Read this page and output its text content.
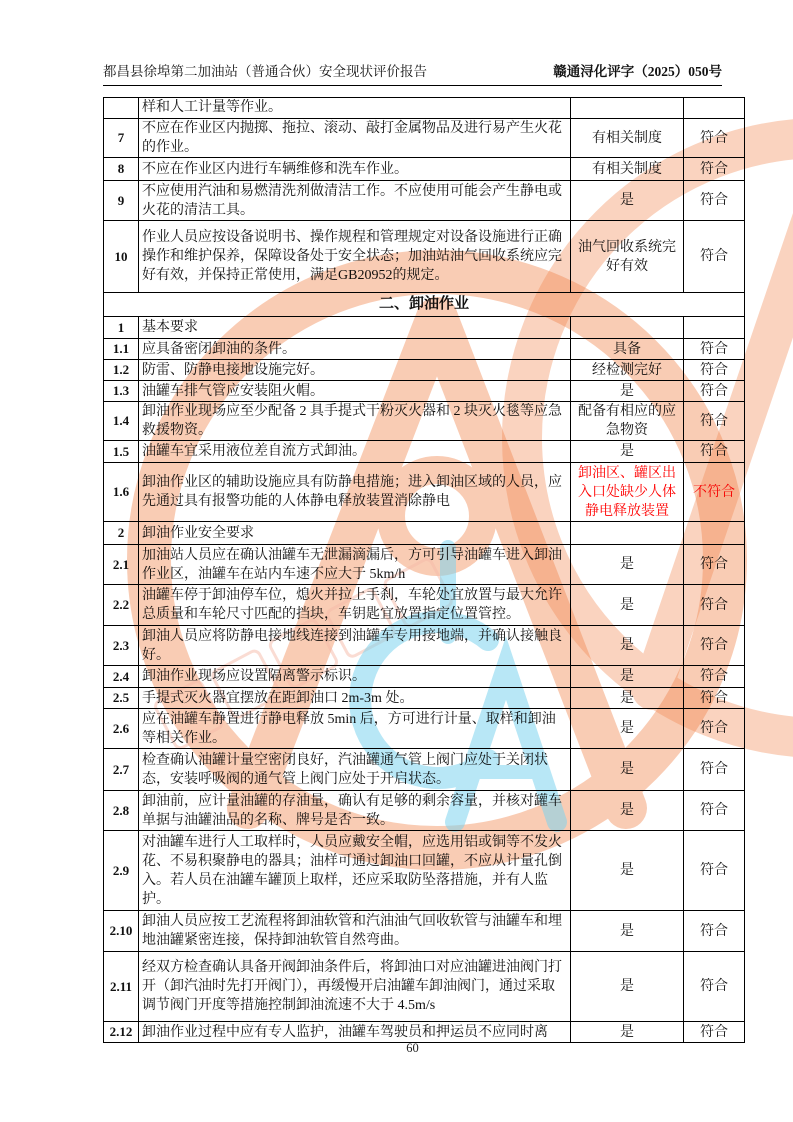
都昌县徐埠第二加油站（普通合伙）安全现状评价报告	赣通浔化评字（2025）050号
	样和人工计量等作业。		
7	不应在作业区内抛掷、拖拉、滚动、敲打金属物品及进行易产生火花的作业。	有相关制度	符合
8	不应在作业区内进行车辆维修和洗车作业。	有相关制度	符合
9	不应使用汽油和易燃清洗剂做清洁工作。不应使用可能会产生静电或火花的清洁工具。	是	符合
10	作业人员应按设备说明书、操作规程和管理规定对设备设施进行正确操作和维护保养，保障设备处于安全状态；加油站油气回收系统应完好有效，并保持正常使用，满足GB20952的规定。	油气回收系统完好有效	符合
二、卸油作业			
1	基本要求		
1.1	应具备密闭卸油的条件。	具备	符合
1.2	防雷、防静电接地设施完好。	经检测完好	符合
1.3	油罐车排气管应安装阻火帽。	是	符合
1.4	卸油作业现场应至少配备 2 具手提式干粉灭火器和 2 块灭火毯等应急救援物资。	配备有相应的应急物资	符合
1.5	油罐车宜采用液位差自流方式卸油。	是	符合
1.6	卸油作业区的辅助设施应具有防静电措施；进入卸油区域的人员，应先通过具有报警功能的人体静电释放装置消除静电	卸油区、罐区出入口处缺少人体静电释放装置	不符合
2	卸油作业安全要求		
2.1	加油站人员应在确认油罐车无泄漏滴漏后，方可引导油罐车进入卸油作业区，油罐车在站内车速不应大于 5km/h	是	符合
2.2	油罐车停于卸油停车位，熄火并拉上手刹，车轮处宜放置与最大允许总质量和车轮尺寸匹配的挡块，车钥匙宜放置指定位置管控。	是	符合
2.3	卸油人员应将防静电接地线连接到油罐车专用接地端，并确认接触良好。	是	符合
2.4	卸油作业现场应设置隔离警示标识。	是	符合
2.5	手提式灭火器宜摆放在距卸油口 2m-3m 处。	是	符合
2.6	应在油罐车静置进行静电释放 5min 后，方可进行计量、取样和卸油等相关作业。	是	符合
2.7	检查确认油罐计量空密闭良好，汽油罐通气管上阀门应处于关闭状态，安装呼吸阀的通气管上阀门应处于开启状态。	是	符合
2.8	卸油前，应计量油罐的存油量，确认有足够的剩余容量，并核对罐车单据与油罐油品的名称、牌号是否一致。	是	符合
2.9	对油罐车进行人工取样时，人员应戴安全帽，应选用铝或铜等不发火花、不易积聚静电的器具；油样可通过卸油口回罐，不应从计量孔倒入。若人员在油罐车罐顶上取样，还应采取防坠落措施，并有人监护。	是	符合
2.10	卸油人员应按工艺流程将卸油软管和汽油油气回收软管与油罐车和埋地油罐紧密连接，保持卸油软管自然弯曲。	是	符合
2.11	经双方检查确认具备开阀卸油条件后，将卸油口对应油罐进油阀门打开（卸汽油时先打开阀门），再缓慢开启油罐车卸油阀门，通过采取调节阀门开度等措施控制卸油流速不大于 4.5m/s	是	符合
2.12	卸油作业过程中应有专人监护，油罐车驾驶员和押运员不应同时离	是	符合
60
